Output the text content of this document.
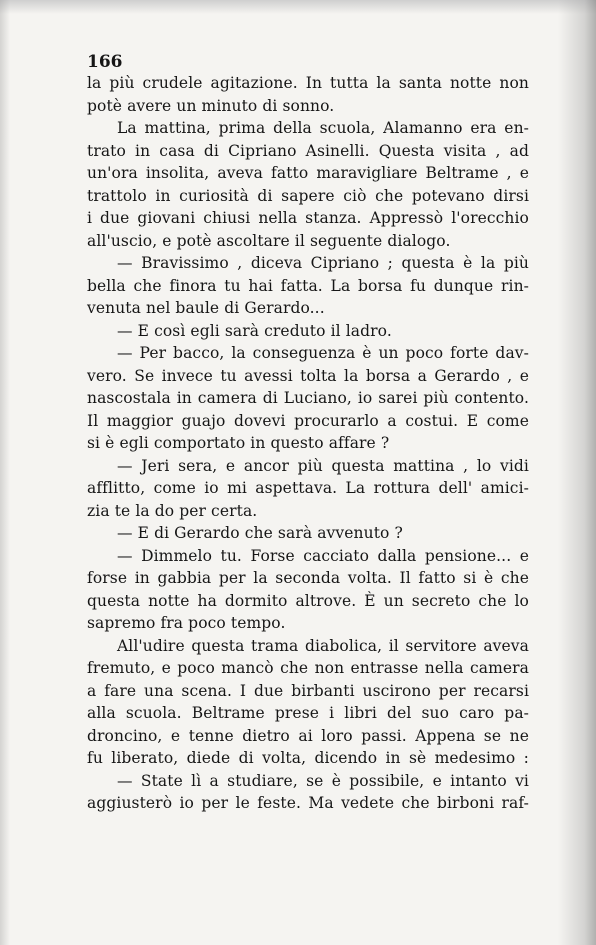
166
la più crudele agitazione. In tutta la santa notte non
potè avere un minuto di sonno.
La mattina, prima della scuola, Alamanno era en-
trato in casa di Cipriano Asinelli. Questa visita , ad
un'ora insolita, aveva fatto maravigliare Beltrame , e
trattolo in curiosità di sapere ciò che potevano dirsi
i due giovani chiusi nella stanza. Appressò l'orecchio
all'uscio, e potè ascoltare il seguente dialogo.
— Bravissimo , diceva Cipriano ; questa è la più
bella che finora tu hai fatta. La borsa fu dunque rin-
venuta nel baule di Gerardo...
— E così egli sarà creduto il ladro.
— Per bacco, la conseguenza è un poco forte dav-
vero. Se invece tu avessi tolta la borsa a Gerardo , e
nascostala in camera di Luciano, io sarei più contento.
Il maggior guajo dovevi procurarlo a costui. E come
si è egli comportato in questo affare ?
— Jeri sera, e ancor più questa mattina , lo vidi
afflitto, come io mi aspettava. La rottura dell' amici-
zia te la do per certa.
— E di Gerardo che sarà avvenuto ?
— Dimmelo tu. Forse cacciato dalla pensione... e
forse in gabbia per la seconda volta. Il fatto si è che
questa notte ha dormito altrove. È un secreto che lo
sapremo fra poco tempo.
All'udire questa trama diabolica, il servitore aveva
fremuto, e poco mancò che non entrasse nella camera
a fare una scena. I due birbanti uscirono per recarsi
alla scuola. Beltrame prese i libri del suo caro pa-
droncino, e tenne dietro ai loro passi. Appena se ne
fu liberato, diede di volta, dicendo in sè medesimo :
— State lì a studiare, se è possibile, e intanto vi
aggiusterò io per le feste. Ma vedete che birboni raf-
